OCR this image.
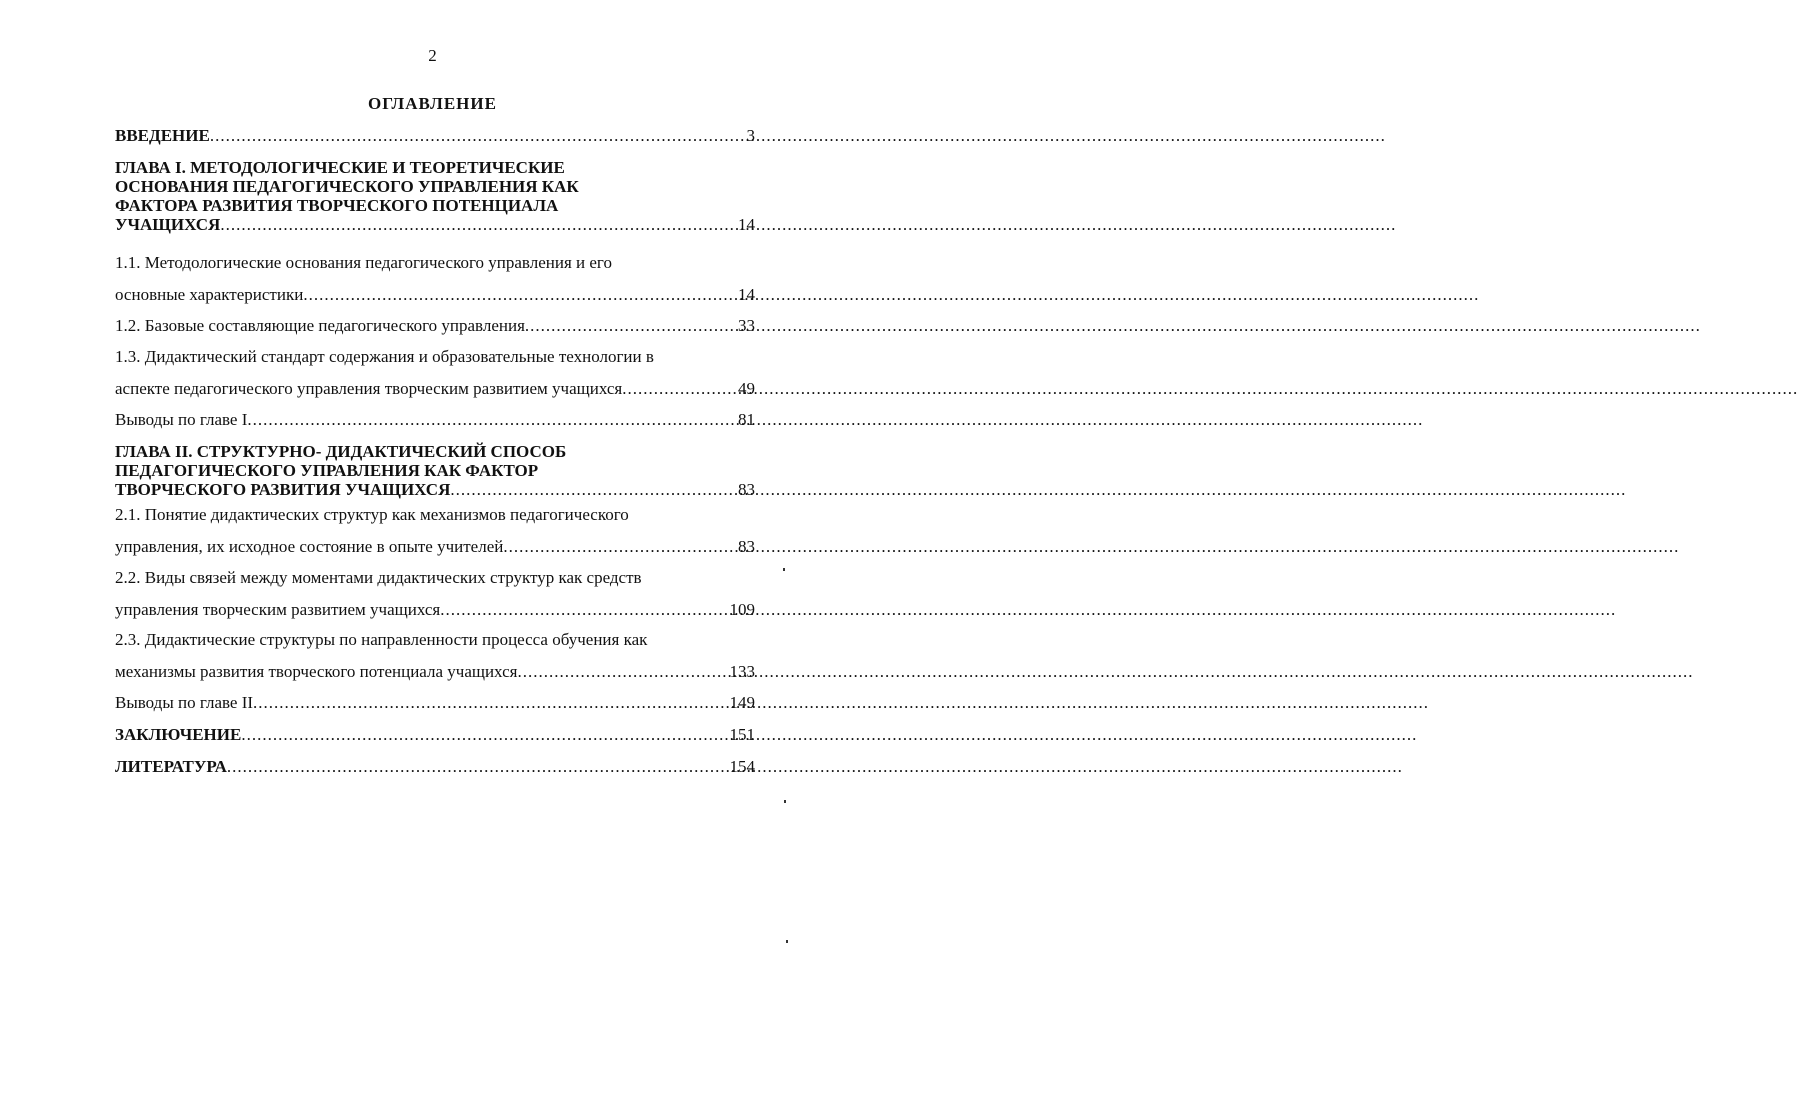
2
ОГЛАВЛЕНИЕ
ВВЕДЕНИЕ .....	3
ГЛАВА I. МЕТОДОЛОГИЧЕСКИЕ И ТЕОРЕТИЧЕСКИЕ
ОСНОВАНИЯ ПЕДАГОГИЧЕСКОГО УПРАВЛЕНИЯ КАК
ФАКТОРА РАЗВИТИЯ ТВОРЧЕСКОГО ПОТЕНЦИАЛА
УЧАЩИХСЯ .....	14
1.1. Методологические основания педагогического управления и его
основные характеристики .....	14
1.2. Базовые составляющие педагогического управления .....	33
1.3. Дидактический стандарт содержания и образовательные технологии в
аспекте педагогического управления творческим развитием учащихся .....	49
Выводы по главе I .....	81
ГЛАВА II. СТРУКТУРНО- ДИДАКТИЧЕСКИЙ СПОСОБ
ПЕДАГОГИЧЕСКОГО УПРАВЛЕНИЯ КАК ФАКТОР
ТВОРЧЕСКОГО РАЗВИТИЯ УЧАЩИХСЯ .....	83
2.1. Понятие дидактических структур как механизмов педагогического
управления, их исходное состояние в опыте учителей .....	83
2.2. Виды связей между моментами дидактических структур как средств
управления творческим развитием учащихся .....	109
2.3. Дидактические структуры по направленности процесса обучения как
механизмы развития творческого потенциала учащихся .....	133
Выводы по главе II .....	149
ЗАКЛЮЧЕНИЕ .....	151
ЛИТЕРАТУРА .....	154
